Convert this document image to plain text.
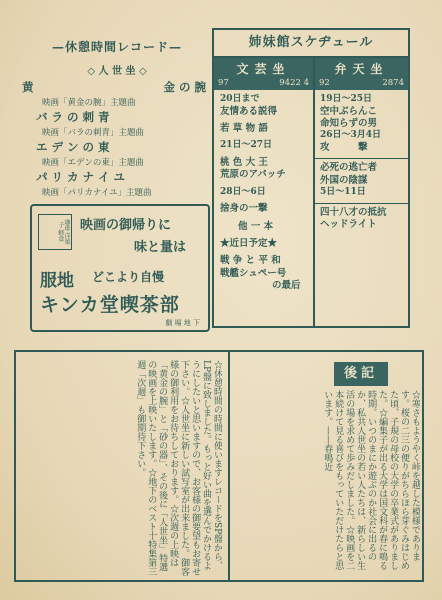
—休憩時間レコード—
◇ 人 世 坐 ◇
黄	金 の 腕
映画「黄金の腕」主題曲
バ ラ の 刺 青
映画「バラの刺青」主題曲
エ デ ン の 東
映画「エデンの東」主題曲
パ リ カ ナ イ ユ
映画「パリカナイユ」主題曲
珈琲 洋菓子 軽食	映画の御帰りに
味と量は
服地 どこより自慢
キンカ堂喫茶部
劇 場 地 下
姉妹館スケヂュール
文芸坐
97	9422 4
20日まで
友情ある説得
若 草 物 語
21日～27日
桃 色 大 王
荒原のアパッチ
28日～6日
捨身の一撃
他 一 本
★近日予定★
戦 争 と 平 和
戦艦シュペー号
の最后
弁天坐
92	2874
19日～25日
空中ぶらんこ
命知らずの男
26日～3月4日
攻　　　撃
必死の逃亡者
外国の陰謀
5日～11日
四十八才の抵抗
ヘッドライト
☆休憩時間の時間に使いますレコードをSP盤から、LP盤に致しました。もっと好い曲を選んでかけるようにしたいと思いますので、お客様の御要望もお寄せ下さい。☆人世坐に新しい試写室が出来ました。御客様の御利用をお待ちしております。☆次週の上映は「黄金の腕」と「砂の器」、その後に「人世坐」特選の映画を上映いたします。☆地下のベスト十特集第三週「次週」も御期待下さい。	後記
☆寒さもようやく峠を越した模様であります。桜の二三の便りがちらほら芽ぐみはじめた頃、子規の母校の大学の卒業式がありました。☆編集子が出る大学は国文科が春に鳴る時期。いつのまにか遊ぶのか社会に出るのか、私共人世坐の若い人たちは、新らしい生活の場を求めて歩みだしました。☆映画を二本続けて見る喜びをもっていただけたらと思います。——春鳴近
